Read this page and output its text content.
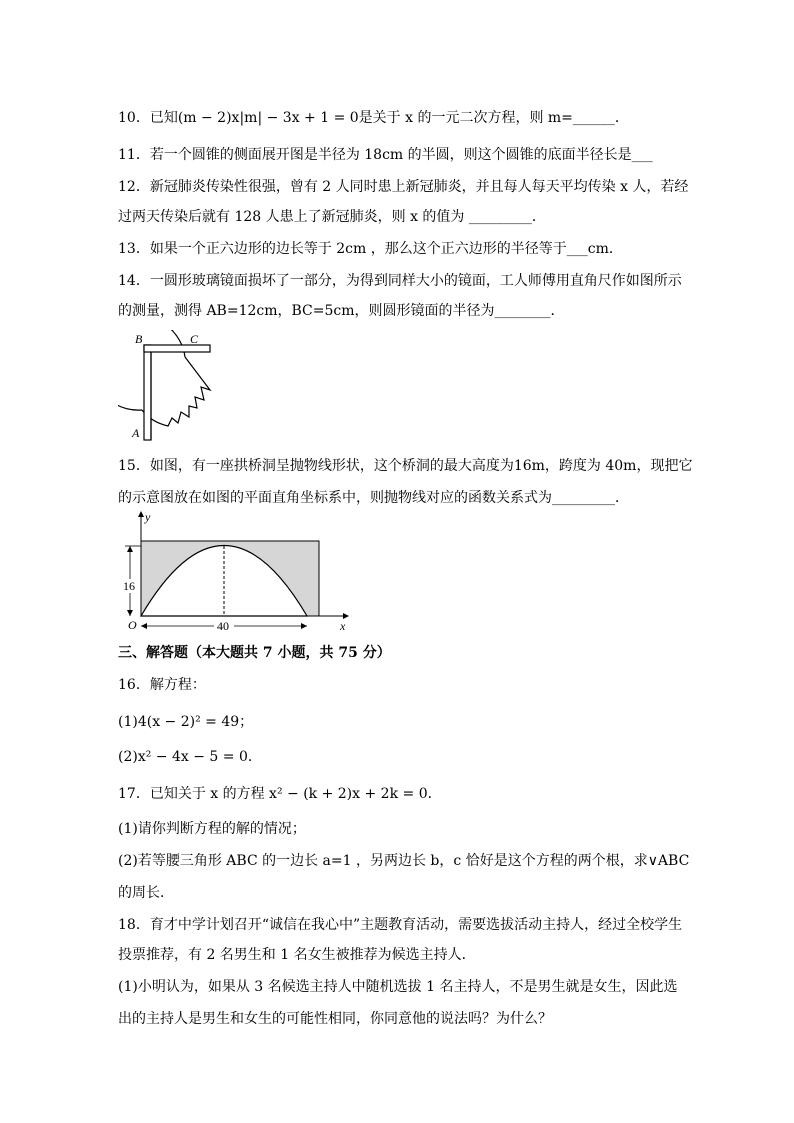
10．已知(m − 2)x|m| − 3x + 1 = 0是关于 x 的一元二次方程，则 m=______．
11．若一个圆锥的侧面展开图是半径为 18cm 的半圆，则这个圆锥的底面半径长是___
12．新冠肺炎传染性很强，曾有 2 人同时患上新冠肺炎，并且每人每天平均传染 x 人，若经
过两天传染后就有 128 人患上了新冠肺炎，则 x 的值为 _________．
13．如果一个正六边形的边长等于 2cm ，那么这个正六边形的半径等于___cm．
14．一圆形玻璃镜面损坏了一部分，为得到同样大小的镜面，工人师傅用直角尺作如图所示
的测量，测得 AB=12cm，BC=5cm，则圆形镜面的半径为________．
B	C
A
15．如图，有一座拱桥洞呈抛物线形状，这个桥洞的最大高度为16m，跨度为 40m，现把它
的示意图放在如图的平面直角坐标系中，则抛物线对应的函数关系式为_________．
y
x
O
16
40
三、解答题（本大题共 7 小题，共 75 分）
16．解方程：
(1)4(x − 2)² = 49；
(2)x² − 4x − 5 = 0．
17．已知关于 x 的方程 x² − (k + 2)x + 2k = 0．
(1)请你判断方程的解的情况；
(2)若等腰三角形 ABC 的一边长 a=1 ，另两边长 b，c 恰好是这个方程的两个根，求∨ABC
的周长．
18．育才中学计划召开“诚信在我心中”主题教育活动，需要选拔活动主持人，经过全校学生
投票推荐，有 2 名男生和 1 名女生被推荐为候选主持人．
(1)小明认为，如果从 3 名候选主持人中随机选拔 1 名主持人，不是男生就是女生，因此选
出的主持人是男生和女生的可能性相同，你同意他的说法吗？为什么？
